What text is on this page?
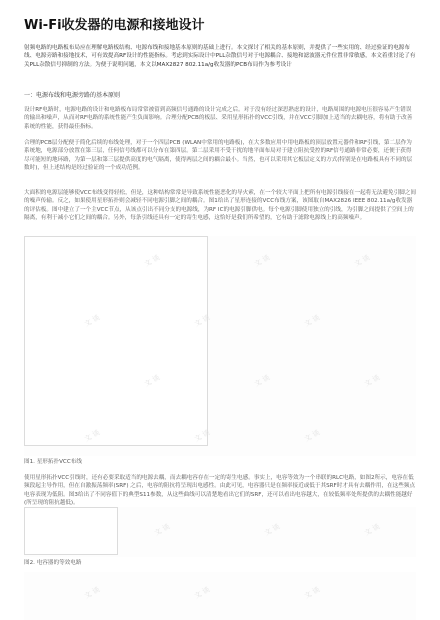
Wi-Fi收发器的电源和接地设计

射频电路的电路板布局应在理解电路板结构、电源布线和接地基本原则的基础上进行。本文探讨了相关的基本原则，并提供了一些实用的、经过验证的电源布线、电源旁路和接地技术，可有效提高RF设计的性能指标。考虑到实际设计中PLL杂散信号对于电源耦合、接地和滤波器元件位置非常敏感，本文着重讨论了有关PLL杂散信号抑制的方法。为便于说明问题，本文以MAX2827 802.11a/g收发器的PCB布局作为参考设计

一：电源布线和电源旁路的基本原则

设计RF电路时，电源电路的设计和电路板布局常常被留到高频信号通路的设计完成之后。对于没有经过深思熟虑的设计，电路周围的电源电压很容易产生错误的输出和噪声，从而对RF电路的系统性能产生负面影响。合理分配PCB的板层、采用星形拓扑的VCC引线，并在VCC引脚加上适当的去耦电容，将有助于改善系统的性能，获得最佳指标。

合理的PCB层分配便于简化后续的布线处理，对于一个四层PCB (WLAN中常用的电路板)，在大多数应用中用电路板的顶层放置元器件和RF引线，第二层作为系统地，电源部分放置在第三层，任何信号线都可以分布在第四层。第二层采用不受干扰的地平面布局对于建立阻抗受控的RF信号通路非常必要，还便于获得尽可能短的地环路，为第一层和第三层提供高度的电气隔离，使得两层之间的耦合最小。当然，也可以采用其它板层定义的方式(特别是在电路板具有不同的层数时)，但上述结构是经过验证的一个成功范例。

大面积的电源层能够使VCC布线变得轻松，但是，这种结构常常是导致系统性能恶化的导火索，在一个较大平面上把所有电源引线接在一起将无法避免引脚之间的噪声传输。反之，如果使用星形拓扑则会减轻不同电源引脚之间的耦合。图1给出了星形连接的VCC布线方案，该图取自MAX2826 IEEE 802.11a/g收发器的评估板。图中建立了一个主VCC节点，从该点引出不同分支的电源线，为RF IC的电源引脚供电。每个电源引脚使用独立的引线，为引脚之间提供了空间上的隔离，有利于减小它们之间的耦合。另外，每条引线还具有一定的寄生电感，这恰好是我们所希望的，它有助于滤除电源线上的高频噪声。

文 谈	文 谈	文 谈
文 谈	文 谈	文 谈
文 谈	文 谈	文 谈
文 谈	文 谈	文 谈

图1. 星形拓扑VCC布线

使用星形拓扑VCC引线时，还有必要采取适当的电源去耦，而去耦电容存在一定的寄生电感。事实上，电容等效为一个串联的RLC电路，如图2所示，电容在低频段起主导作用，但在自激振荡频率(SRF) 之后，电容的阻抗将呈现出电感性。由此可见，电容器只是在频率接近或低于其SRF时才具有去耦作用，在这些频点电容表现为低阻。图3给出了不同容值下的典型S11参数，从这些曲线可以清楚地看出它们的SRF，还可以看出电容越大，在较低频率处所提供的去耦性能越好(所呈现的阻抗越低)。

文 谈	文 谈	文 谈

图2. 电容器的等效电路

文 谈	文 谈	文 谈
